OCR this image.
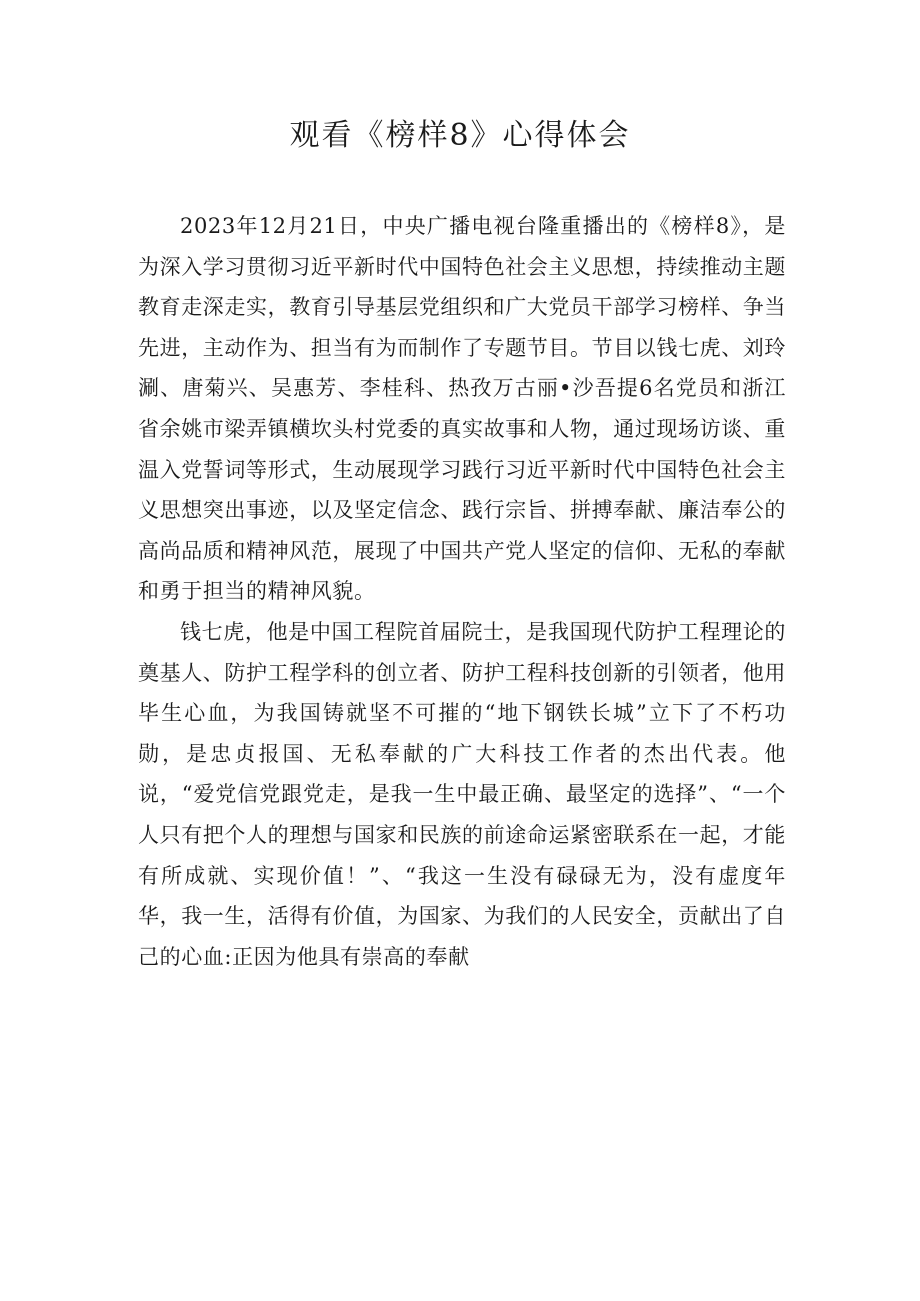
观看《榜样8》心得体会

2023年12月21日，中央广播电视台隆重播出的《榜样8》，是为深入学习贯彻习近平新时代中国特色社会主义思想，持续推动主题教育走深走实，教育引导基层党组织和广大党员干部学习榜样、争当先进，主动作为、担当有为而制作了专题节目。节目以钱七虎、刘玲涮、唐菊兴、吴惠芳、李桂科、热孜万古丽•沙吾提6名党员和浙江省余姚市梁弄镇横坎头村党委的真实故事和人物，通过现场访谈、重温入党誓词等形式，生动展现学习践行习近平新时代中国特色社会主义思想突出事迹，以及坚定信念、践行宗旨、拼搏奉献、廉洁奉公的高尚品质和精神风范，展现了中国共产党人坚定的信仰、无私的奉献和勇于担当的精神风貌。

钱七虎，他是中国工程院首届院士，是我国现代防护工程理论的奠基人、防护工程学科的创立者、防护工程科技创新的引领者，他用毕生心血，为我国铸就坚不可摧的“地下钢铁长城”立下了不朽功勋，是忠贞报国、无私奉献的广大科技工作者的杰出代表。他说，“爱党信党跟党走，是我一生中最正确、最坚定的选择”、“一个人只有把个人的理想与国家和民族的前途命运紧密联系在一起，才能有所成就、实现价值！”、“我这一生没有碌碌无为，没有虚度年华，我一生，活得有价值，为国家、为我们的人民安全，贡献出了自己的心血:正因为他具有崇高的奉献
